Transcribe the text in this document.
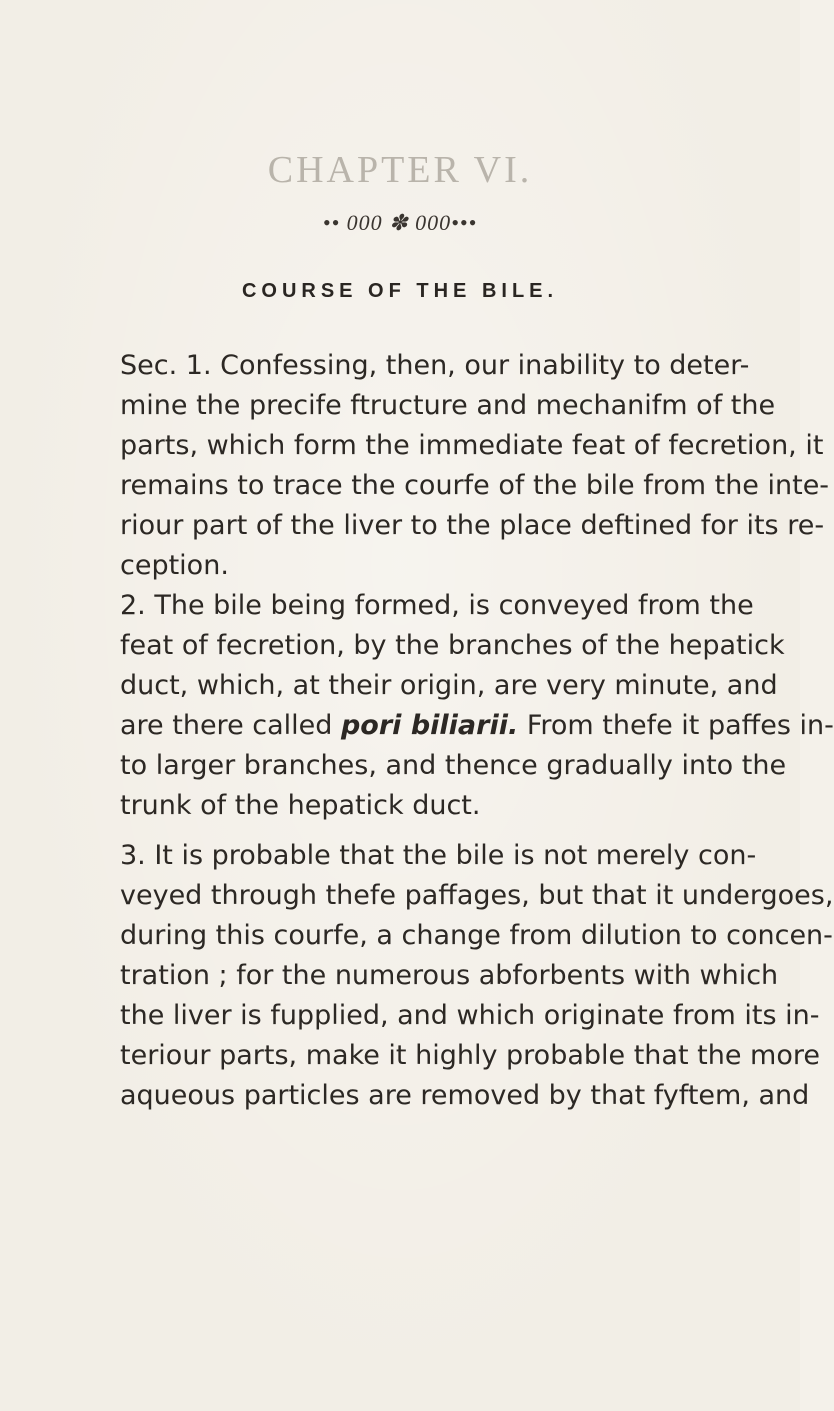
CHAPTER VI.
•• 000 ✽ 000•••
COURSE OF THE BILE.
Sec. 1. Confessing, then, our inability to deter-
mine the precife ftructure and mechanifm of the
parts, which form the immediate feat of fecretion, it
remains to trace the courfe of the bile from the inte-
riour part of the liver to the place deftined for its re-
ception.
2. The bile being formed, is conveyed from the
feat of fecretion, by the branches of the hepatick
duct, which, at their origin, are very minute, and
are there called pori biliarii. From thefe it paffes in-
to larger branches, and thence gradually into the
trunk of the hepatick duct.
3. It is probable that the bile is not merely con-
veyed through thefe paffages, but that it undergoes,
during this courfe, a change from dilution to concen-
tration ; for the numerous abforbents with which
the liver is fupplied, and which originate from its in-
teriour parts, make it highly probable that the more
aqueous particles are removed by that fyftem, and
